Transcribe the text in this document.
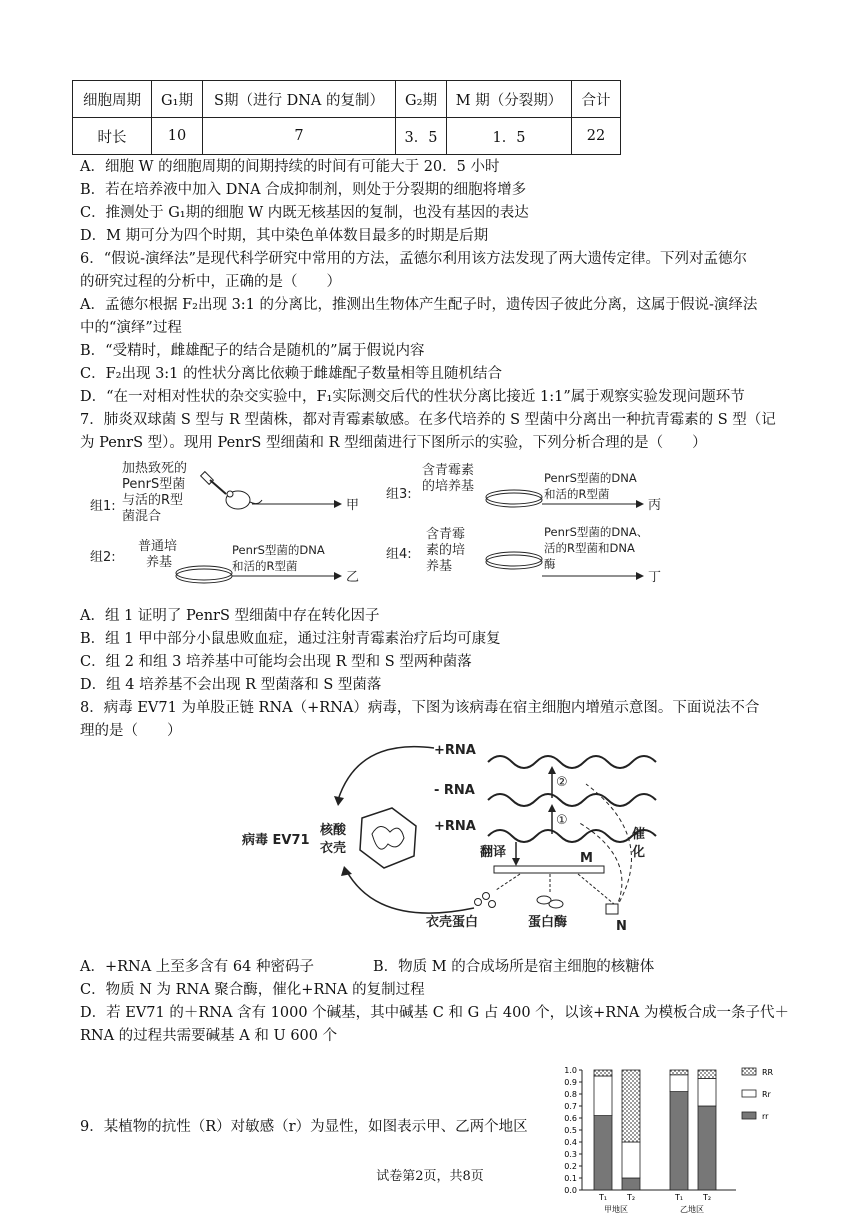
细胞周期	G₁期	S期（进行 DNA 的复制）	G₂期	M 期（分裂期）	合计
时长	10	7	3．5	1．5	22
A．细胞 W 的细胞周期的间期持续的时间有可能大于 20．5 小时
B．若在培养液中加入 DNA 合成抑制剂，则处于分裂期的细胞将增多
C．推测处于 G₁期的细胞 W 内既无核基因的复制，也没有基因的表达
D．M 期可分为四个时期，其中染色单体数目最多的时期是后期
6．“假说-演绎法”是现代科学研究中常用的方法，孟德尔利用该方法发现了两大遗传定律。下列对孟德尔
的研究过程的分析中，正确的是（　　）
A．孟德尔根据 F₂出现 3:1 的分离比，推测出生物体产生配子时，遗传因子彼此分离，这属于假说-演绎法
中的“演绎”过程
B．“受精时，雌雄配子的结合是随机的”属于假说内容
C．F₂出现 3:1 的性状分离比依赖于雌雄配子数量相等且随机结合
D．“在一对相对性状的杂交实验中，F₁实际测交后代的性状分离比接近 1:1”属于观察实验发现问题环节
7．肺炎双球菌 S 型与 R 型菌株，都对青霉素敏感。在多代培养的 S 型菌中分离出一种抗青霉素的 S 型（记
为 PenrS 型）。现用 PenrS 型细菌和 R 型细菌进行下图所示的实验，下列分析合理的是（　　）
组1:
加热致死的
PenrS型菌
与活的R型
菌混合
甲
组2:
普通培
养基
PenrS型菌的DNA
和活的R型菌
乙
组3:
含青霉素
的培养基
PenrS型菌的DNA
和活的R型菌
丙
组4:
含青霉
素的培
养基
PenrS型菌的DNA、
活的R型菌和DNA
酶
丁
A．组 1 证明了 PenrS 型细菌中存在转化因子
B．组 1 甲中部分小鼠患败血症，通过注射青霉素治疗后均可康复
C．组 2 和组 3 培养基中可能均会出现 R 型和 S 型两种菌落
D．组 4 培养基不会出现 R 型菌落和 S 型菌落
8．病毒 EV71 为单股正链 RNA（+RNA）病毒，下图为该病毒在宿主细胞内增殖示意图。下面说法不合
理的是（　　）
+RNA
- RNA
+RNA
②
①
催
化
翻译	M
衣壳蛋白	蛋白酶	N
病毒 EV71
核酸
衣壳
A．+RNA 上至多含有 64 种密码子	B．物质 M 的合成场所是宿主细胞的核糖体
C．物质 N 为 RNA 聚合酶，催化+RNA 的复制过程
D．若 EV71 的＋RNA 含有 1000 个碱基，其中碱基 C 和 G 占 400 个，以该+RNA 为模板合成一条子代＋
RNA 的过程共需要碱基 A 和 U 600 个
9．某植物的抗性（R）对敏感（r）为显性，如图表示甲、乙两个地区
0.0
0.1
0.2
0.3
0.4
0.5
0.6
0.7
0.8
0.9
1.0
T₁ T₂	T₁ T₂
甲地区	乙地区
RR
Rr
rr
试卷第2页，共8页
